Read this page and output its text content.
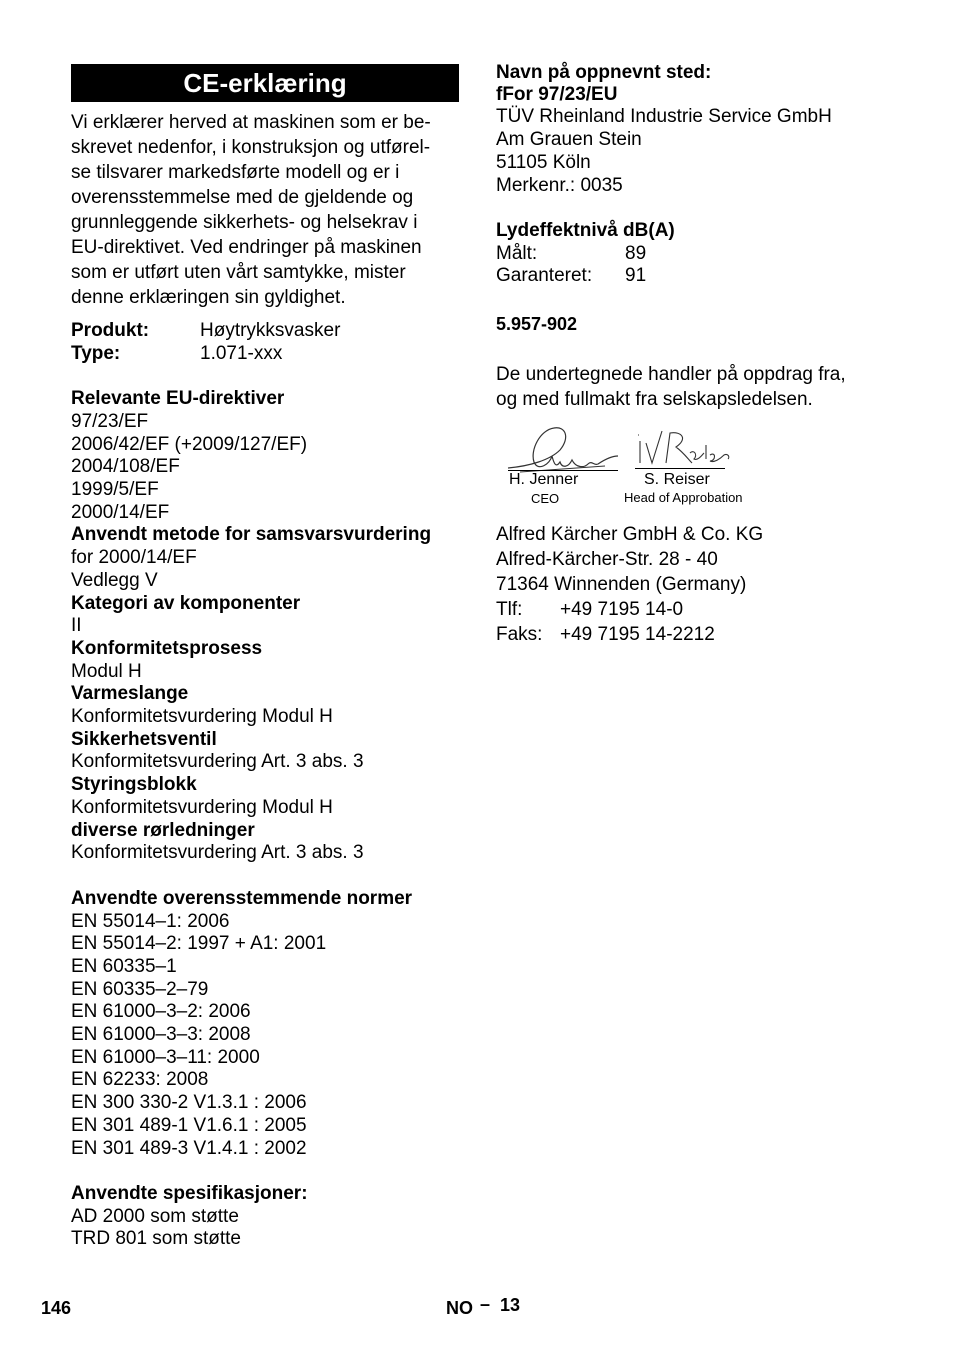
CE-erklæring
Vi erklærer herved at maskinen som er be-
skrevet nedenfor, i konstruksjon og utførel-
se tilsvarer markedsførte modell og er i
overensstemmelse med de gjeldende og
grunnleggende sikkerhets- og helsekrav i
EU-direktivet. Ved endringer på maskinen
som er utført uten vårt samtykke, mister
denne erklæringen sin gyldighet.
Produkt:	Høytrykksvasker
Type:	1.071-xxx
Relevante EU-direktiver
97/23/EF
2006/42/EF (+2009/127/EF)
2004/108/EF
1999/5/EF
2000/14/EF
Anvendt metode for samsvarsvurdering
for 2000/14/EF
Vedlegg V
Kategori av komponenter
II
Konformitetsprosess
Modul H
Varmeslange
Konformitetsvurdering Modul H
Sikkerhetsventil
Konformitetsvurdering Art. 3 abs. 3
Styringsblokk
Konformitetsvurdering Modul H
diverse rørledninger
Konformitetsvurdering Art. 3 abs. 3
Anvendte overensstemmende normer
EN 55014–1: 2006
EN 55014–2: 1997 + A1: 2001
EN 60335–1
EN 60335–2–79
EN 61000–3–2: 2006
EN 61000–3–3: 2008
EN 61000–3–11: 2000
EN 62233: 2008
EN 300 330-2 V1.3.1 : 2006
EN 301 489-1 V1.6.1 : 2005
EN 301 489-3 V1.4.1 : 2002
Anvendte spesifikasjoner:
AD 2000 som støtte
TRD 801 som støtte
Navn på oppnevnt sted:
fFor 97/23/EU
TÜV Rheinland Industrie Service GmbH
Am Grauen Stein
51105 Köln
Merkenr.: 0035
Lydeffektnivå dB(A)
Målt:	89
Garanteret: 91
5.957-902
De undertegnede handler på oppdrag fra,
og med fullmakt fra selskapsledelsen.
H. Jenner
CEO
S. Reiser
Head of Approbation
Alfred Kärcher GmbH & Co. KG
Alfred-Kärcher-Str. 28 - 40
71364 Winnenden (Germany)
Tlf: +49 7195 14-0
Faks: +49 7195 14-2212
146	NO – 13
